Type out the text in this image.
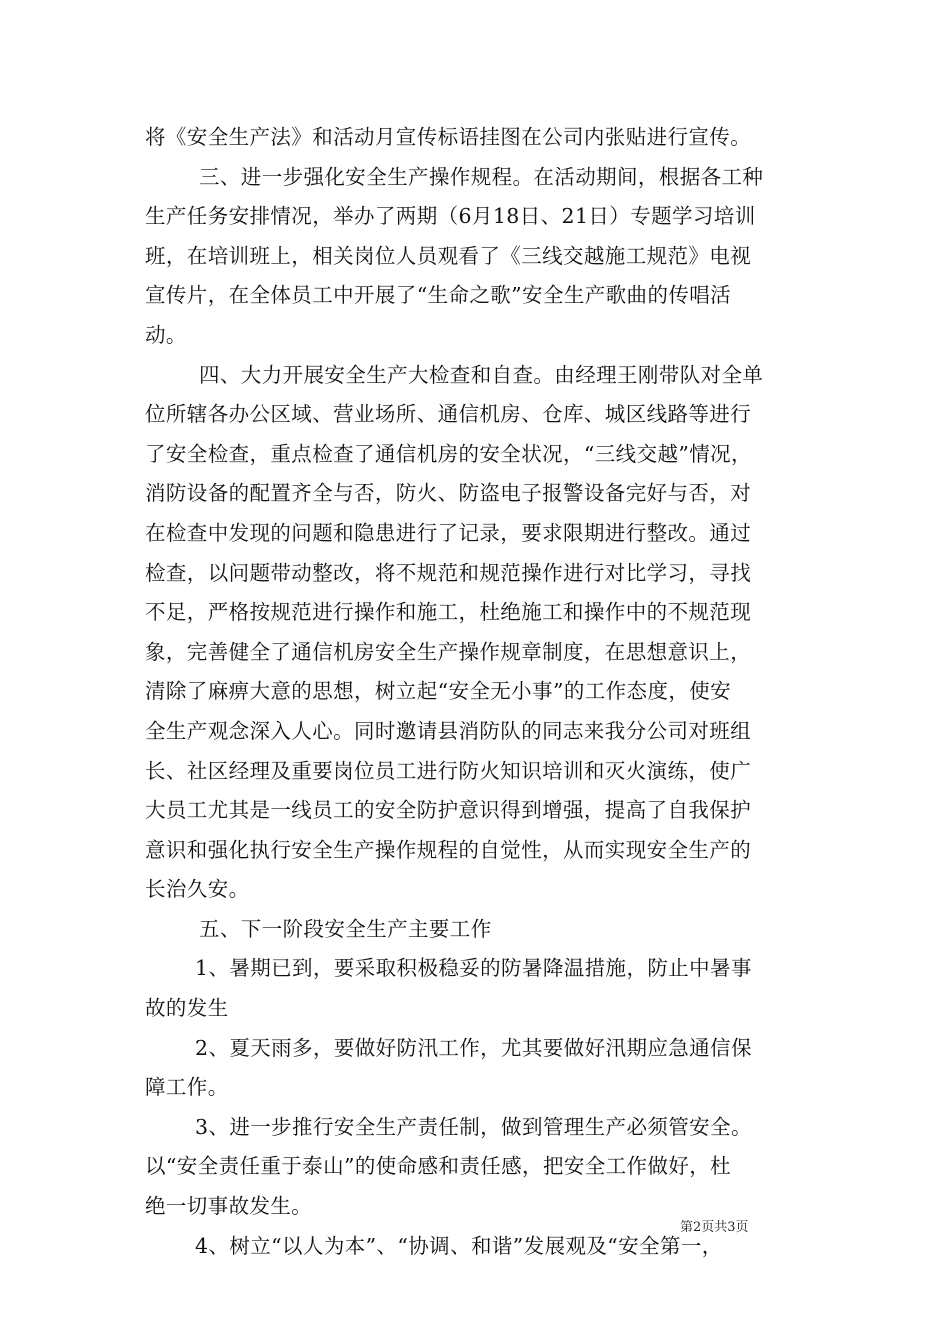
将《安全生产法》和活动月宣传标语挂图在公司内张贴进行宣传。
三、进一步强化安全生产操作规程。在活动期间，根据各工种
生产任务安排情况，举办了两期（6月18日、21日）专题学习培训
班，在培训班上，相关岗位人员观看了《三线交越施工规范》电视
宣传片，在全体员工中开展了“生命之歌”安全生产歌曲的传唱活
动。
四、大力开展安全生产大检查和自查。由经理王刚带队对全单
位所辖各办公区域、营业场所、通信机房、仓库、城区线路等进行
了安全检查，重点检查了通信机房的安全状况，“三线交越”情况，
消防设备的配置齐全与否，防火、防盗电子报警设备完好与否，对
在检查中发现的问题和隐患进行了记录，要求限期进行整改。通过
检查，以问题带动整改，将不规范和规范操作进行对比学习，寻找
不足，严格按规范进行操作和施工，杜绝施工和操作中的不规范现
象，完善健全了通信机房安全生产操作规章制度，在思想意识上，
清除了麻痹大意的思想，树立起“安全无小事”的工作态度，使安
全生产观念深入人心。同时邀请县消防队的同志来我分公司对班组
长、社区经理及重要岗位员工进行防火知识培训和灭火演练，使广
大员工尤其是一线员工的安全防护意识得到增强，提高了自我保护
意识和强化执行安全生产操作规程的自觉性，从而实现安全生产的
长治久安。
五、下一阶段安全生产主要工作
1、暑期已到，要采取积极稳妥的防暑降温措施，防止中暑事
故的发生
2、夏天雨多，要做好防汛工作，尤其要做好汛期应急通信保
障工作。
3、进一步推行安全生产责任制，做到管理生产必须管安全。
以“安全责任重于泰山”的使命感和责任感，把安全工作做好，杜
绝一切事故发生。
4、树立“以人为本”、“协调、和谐”发展观及“安全第一，
第2页共3页
